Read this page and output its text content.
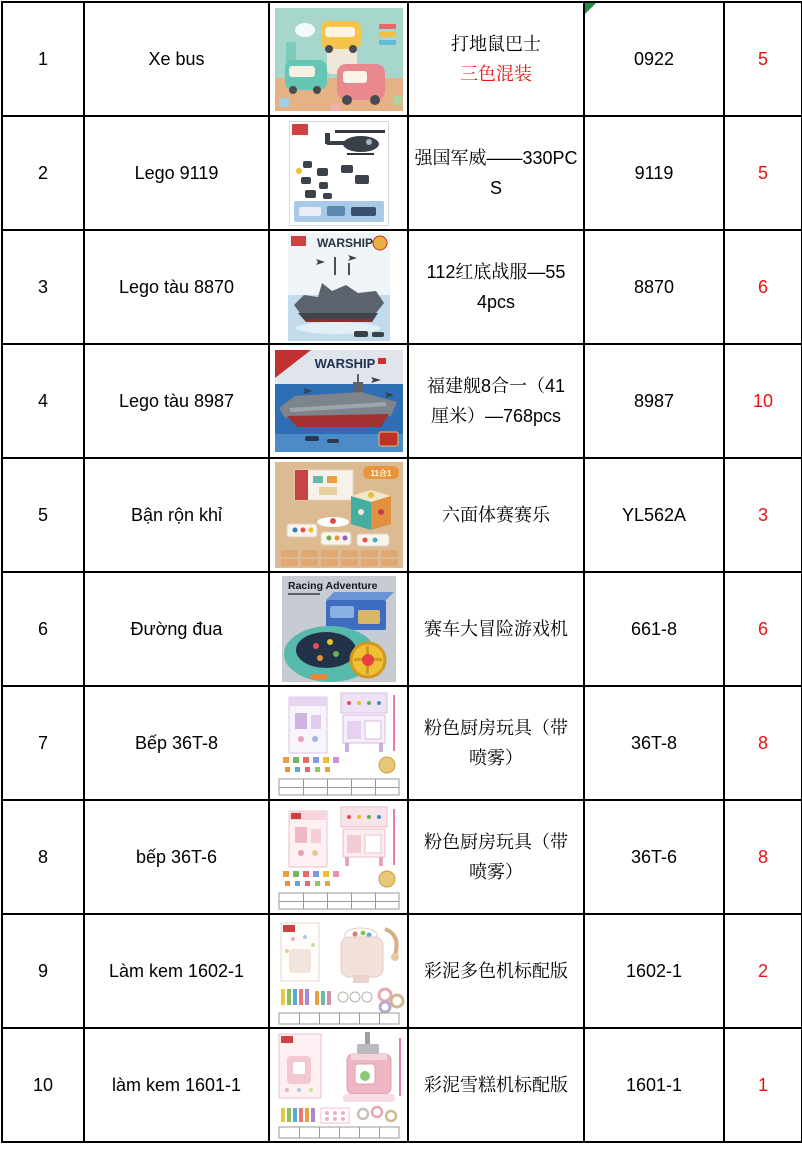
1	Xe bus		打地鼠巴士
三色混装	0922	5
2	Lego 9119		强国军威——330PC
S	9119	5
3	Lego tàu 8870	WARSHIP	112红底战服—55
4pcs	8870	6
4	Lego tàu 8987	WARSHIP	福建舰8合一（41
厘米）—768pcs	8987	10
5	Bận rộn khỉ	11合1	六面体赛赛乐	YL562A	3
6	Đường đua	Racing Adventure	赛车大冒险游戏机	661-8	6
7	Bếp 36T-8		粉色厨房玩具（带
喷雾）	36T-8	8
8	bếp 36T-6		粉色厨房玩具（带
喷雾）	36T-6	8
9	Làm kem 1602-1		彩泥多色机标配版	1602-1	2
10	làm kem 1601-1		彩泥雪糕机标配版	1601-1	1
